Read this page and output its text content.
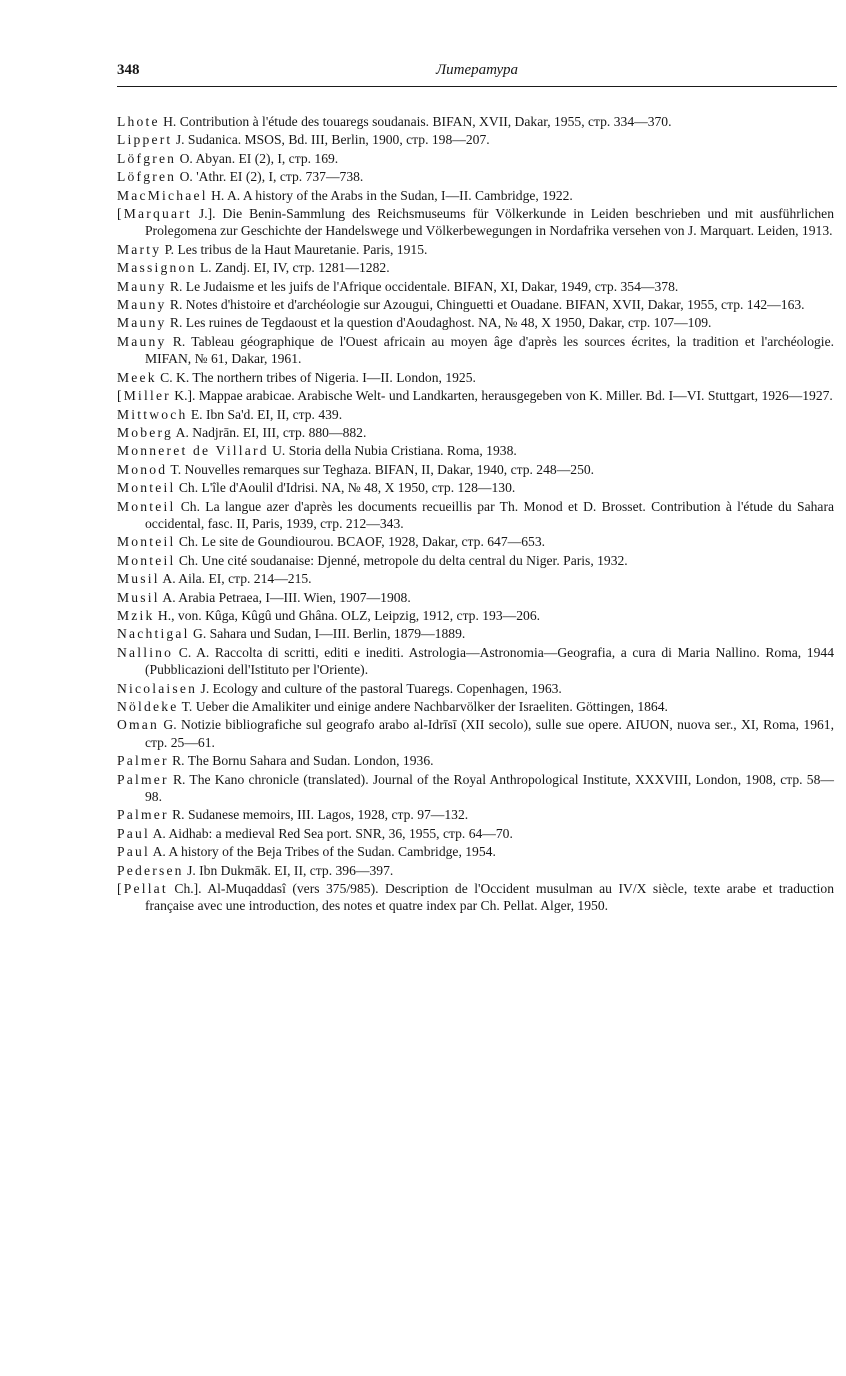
348	Литература

Lhote H. Contribution à l'étude des touaregs soudanais. BIFAN, XVII, Dakar, 1955, стр. 334—370.

Lippert J. Sudanica. MSOS, Bd. III, Berlin, 1900, стр. 198—207.

Löfgren O. Abyan. EI (2), I, стр. 169.

Löfgren O. 'Athr. EI (2), I, стр. 737—738.

MacMichael H. A. A history of the Arabs in the Sudan, I—II. Cambridge, 1922.

[Marquart J.]. Die Benin-Sammlung des Reichsmuseums für Völkerkunde in Leiden beschrieben und mit ausführlichen Prolegomena zur Geschichte der Handelswege und Völkerbewegungen in Nordafrika versehen von J. Marquart. Leiden, 1913.

Marty P. Les tribus de la Haut Mauretanie. Paris, 1915.

Massignon L. Zandj. EI, IV, стр. 1281—1282.

Mauny R. Le Judaisme et les juifs de l'Afrique occidentale. BIFAN, XI, Dakar, 1949, стр. 354—378.

Mauny R. Notes d'histoire et d'archéologie sur Azougui, Chinguetti et Ouadane. BIFAN, XVII, Dakar, 1955, стр. 142—163.

Mauny R. Les ruines de Tegdaoust et la question d'Aoudaghost. NA, № 48, X 1950, Dakar, стр. 107—109.

Mauny R. Tableau géographique de l'Ouest africain au moyen âge d'après les sources écrites, la tradition et l'archéologie. MIFAN, № 61, Dakar, 1961.

Meek C. K. The northern tribes of Nigeria. I—II. London, 1925.

[Miller K.]. Mappae arabicae. Arabische Welt- und Landkarten, herausgegeben von K. Miller. Bd. I—VI. Stuttgart, 1926—1927.

Mittwoch E. Ibn Sa'd. EI, II, стр. 439.

Moberg A. Nadjrān. EI, III, стр. 880—882.

Monneret de Villard U. Storia della Nubia Cristiana. Roma, 1938.

Monod T. Nouvelles remarques sur Teghaza. BIFAN, II, Dakar, 1940, стр. 248—250.

Monteil Ch. L'île d'Aoulil d'Idrisi. NA, № 48, X 1950, стр. 128—130.

Monteil Ch. La langue azer d'après les documents recueillis par Th. Monod et D. Brosset. Contribution à l'étude du Sahara occidental, fasc. II, Paris, 1939, стр. 212—343.

Monteil Ch. Le site de Goundiourou. BCAOF, 1928, Dakar, стр. 647—653.

Monteil Ch. Une cité soudanaise: Djenné, metropole du delta central du Niger. Paris, 1932.

Musil A. Aila. EI, стр. 214—215.

Musil A. Arabia Petraea, I—III. Wien, 1907—1908.

Mzik H., von. Kûga, Kûgû und Ghâna. OLZ, Leipzig, 1912, стр. 193—206.

Nachtigal G. Sahara und Sudan, I—III. Berlin, 1879—1889.

Nallino C. A. Raccolta di scritti, editi e inediti. Astrologia—Astronomia—Geografia, a cura di Maria Nallino. Roma, 1944 (Pubblicazioni dell'Istituto per l'Oriente).

Nicolaisen J. Ecology and culture of the pastoral Tuaregs. Copenhagen, 1963.

Nöldeke T. Ueber die Amalikiter und einige andere Nachbarvölker der Israeliten. Göttingen, 1864.

Oman G. Notizie bibliografiche sul geografo arabo al-Idrīsī (XII secolo), sulle sue opere. AIUON, nuova ser., XI, Roma, 1961, стр. 25—61.

Palmer R. The Bornu Sahara and Sudan. London, 1936.

Palmer R. The Kano chronicle (translated). Journal of the Royal Anthropological Institute, XXXVIII, London, 1908, стр. 58—98.

Palmer R. Sudanese memoirs, III. Lagos, 1928, стр. 97—132.

Paul A. Aidhab: a medieval Red Sea port. SNR, 36, 1955, стр. 64—70.

Paul A. A history of the Beja Tribes of the Sudan. Cambridge, 1954.

Pedersen J. Ibn Dukmāk. EI, II, стр. 396—397.

[Pellat Ch.]. Al-Muqaddasî (vers 375/985). Description de l'Occident musulman au IV/X siècle, texte arabe et traduction française avec une introduction, des notes et quatre index par Ch. Pellat. Alger, 1950.
